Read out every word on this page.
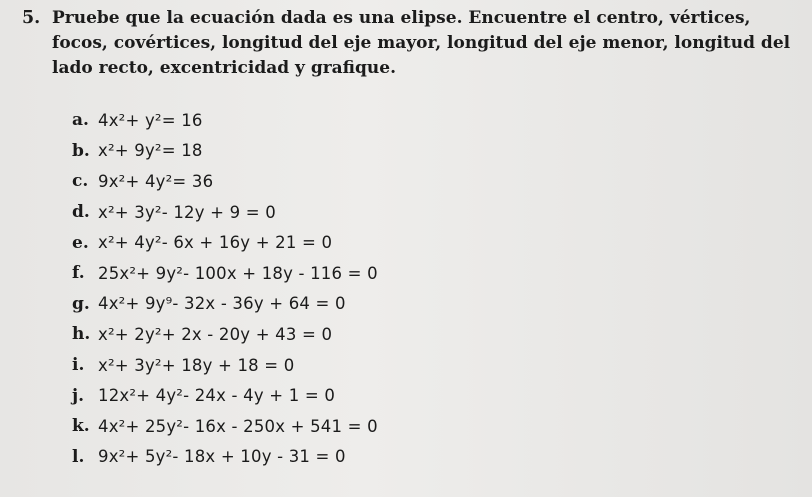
5. Pruebe que la ecuación dada es una elipse. Encuentre el centro, vértices, focos, covértices, longitud del eje mayor, longitud del eje menor, longitud del lado recto, excentricidad y grafique.
a. 4x²+ y²= 16
b. x²+ 9y²= 18
c. 9x²+ 4y²= 36
d. x²+ 3y²- 12y + 9 = 0
e. x²+ 4y²- 6x + 16y + 21 = 0
f. 25x²+ 9y²- 100x + 18y - 116 = 0
g. 4x²+ 9y⁹- 32x - 36y + 64 = 0
h. x²+ 2y²+ 2x - 20y + 43 = 0
i. x²+ 3y²+ 18y + 18 = 0
j. 12x²+ 4y²- 24x - 4y + 1 = 0
k. 4x²+ 25y²- 16x - 250x + 541 = 0
l. 9x²+ 5y²- 18x + 10y - 31 = 0
